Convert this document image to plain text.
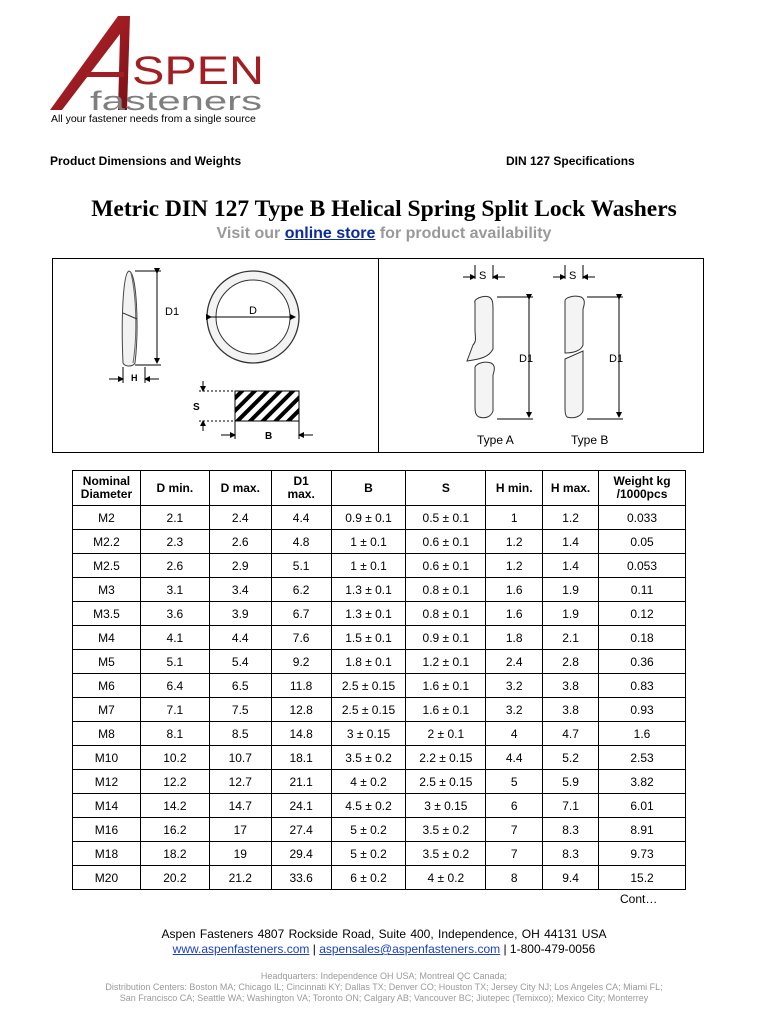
SPEN
fasteners
All your fastener needs from a single source
Product Dimensions and Weights	DIN 127 Specifications
Metric DIN 127 Type B Helical Spring Split Lock Washers
Visit our online store for product availability
D1
H
D
S
B
S
D1
Type A
S
D1
Type B
Nominal
Diameter	D min.	D max.	D1
max.	B	S	H min.	H max.	Weight kg
/1000pcs
M2	2.1	2.4	4.4	0.9 ± 0.1	0.5 ± 0.1	1	1.2	0.033
M2.2	2.3	2.6	4.8	1 ± 0.1	0.6 ± 0.1	1.2	1.4	0.05
M2.5	2.6	2.9	5.1	1 ± 0.1	0.6 ± 0.1	1.2	1.4	0.053
M3	3.1	3.4	6.2	1.3 ± 0.1	0.8 ± 0.1	1.6	1.9	0.11
M3.5	3.6	3.9	6.7	1.3 ± 0.1	0.8 ± 0.1	1.6	1.9	0.12
M4	4.1	4.4	7.6	1.5 ± 0.1	0.9 ± 0.1	1.8	2.1	0.18
M5	5.1	5.4	9.2	1.8 ± 0.1	1.2 ± 0.1	2.4	2.8	0.36
M6	6.4	6.5	11.8	2.5 ± 0.15	1.6 ± 0.1	3.2	3.8	0.83
M7	7.1	7.5	12.8	2.5 ± 0.15	1.6 ± 0.1	3.2	3.8	0.93
M8	8.1	8.5	14.8	3 ± 0.15	2 ± 0.1	4	4.7	1.6
M10	10.2	10.7	18.1	3.5 ± 0.2	2.2 ± 0.15	4.4	5.2	2.53
M12	12.2	12.7	21.1	4 ± 0.2	2.5 ± 0.15	5	5.9	3.82
M14	14.2	14.7	24.1	4.5 ± 0.2	3 ± 0.15	6	7.1	6.01
M16	16.2	17	27.4	5 ± 0.2	3.5 ± 0.2	7	8.3	8.91
M18	18.2	19	29.4	5 ± 0.2	3.5 ± 0.2	7	8.3	9.73
M20	20.2	21.2	33.6	6 ± 0.2	4 ± 0.2	8	9.4	15.2
Cont…
Aspen Fasteners 4807 Rockside Road, Suite 400, Independence, OH 44131 USA
www.aspenfasteners.com | aspensales@aspenfasteners.com | 1-800-479-0056
Headquarters: Independence OH USA; Montreal QC Canada;
Distribution Centers: Boston MA; Chicago IL; Cincinnati KY; Dallas TX; Denver CO; Houston TX; Jersey City NJ; Los Angeles CA; Miami FL;
San Francisco CA; Seattle WA; Washington VA; Toronto ON; Calgary AB; Vancouver BC; Jiutepec (Temixco); Mexico City; Monterrey
